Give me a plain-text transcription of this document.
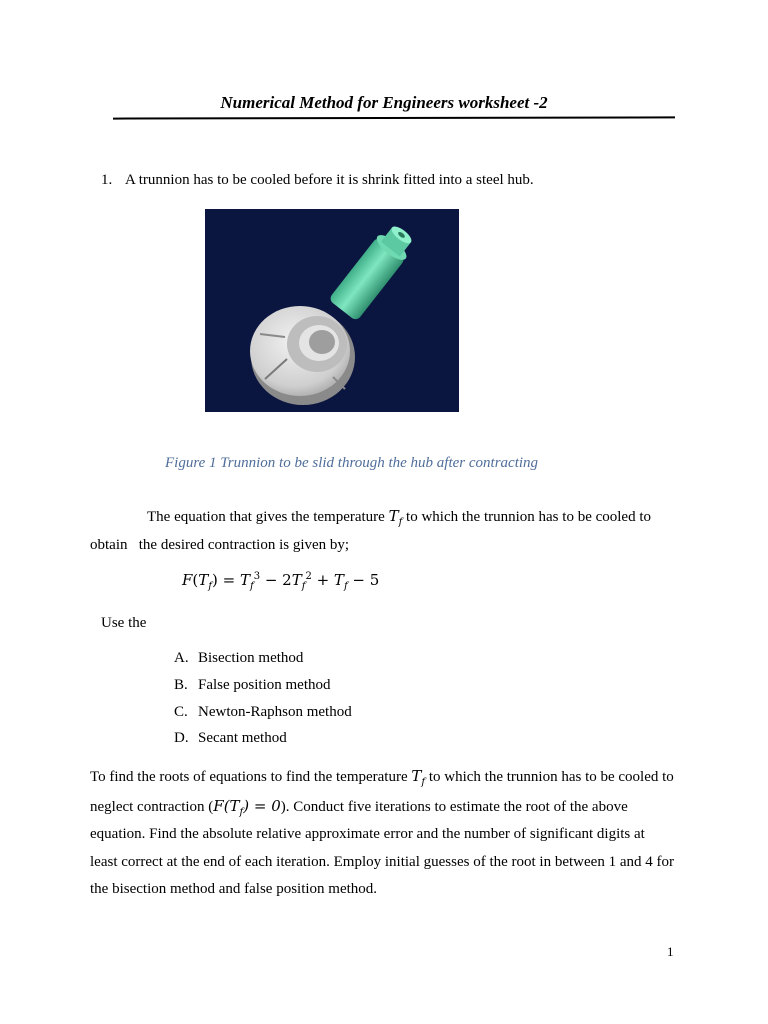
Numerical Method for Engineers worksheet -2
1. A trunnion has to be cooled before it is shrink fitted into a steel hub.
Figure 1 Trunnion to be slid through the hub after contracting
The equation that gives the temperature $T_f$ to which the trunnion has to be cooled to
obtain   the desired contraction is given by;
$F(T_f) = T_f^3 - 2T_f^2 + T_f - 5$
Use the
A. Bisection method
B. False position method
C. Newton-Raphson method
D. Secant method
To find the roots of equations to find the temperature $T_f$ to which the trunnion has to be cooled to
neglect contraction $(F(T_f) = 0)$. Conduct five iterations to estimate the root of the above
equation. Find the absolute relative approximate error and the number of significant digits at
least correct at the end of each iteration. Employ initial guesses of the root in between 1 and 4 for
the bisection method and false position method.
1
